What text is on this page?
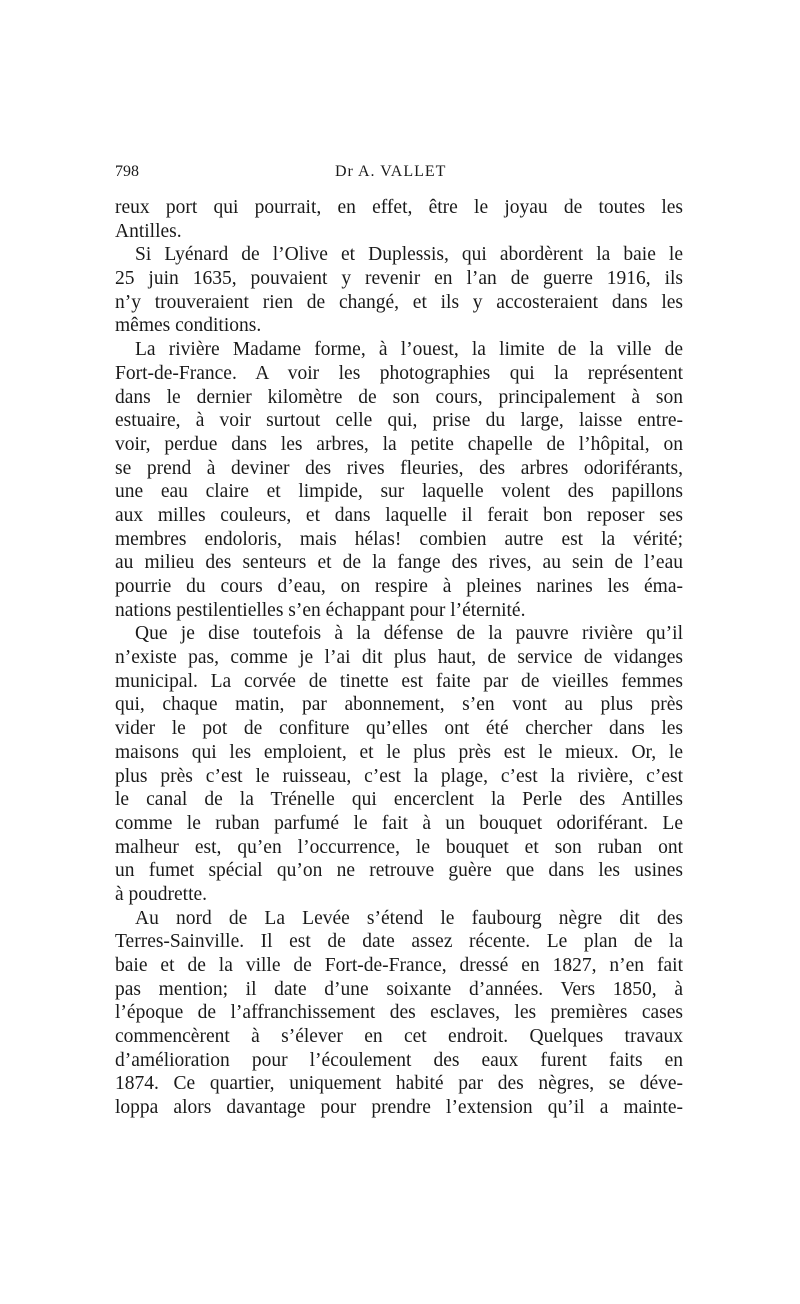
798	Dr A. VALLET
reux port qui pourrait, en effet, être le joyau de toutes les
Antilles.
Si Lyénard de l’Olive et Duplessis, qui abordèrent la baie le
25 juin 1635, pouvaient y revenir en l’an de guerre 1916, ils
n’y trouveraient rien de changé, et ils y accosteraient dans les
mêmes conditions.
La rivière Madame forme, à l’ouest, la limite de la ville de
Fort-de-France. A voir les photographies qui la représentent
dans le dernier kilomètre de son cours, principalement à son
estuaire, à voir surtout celle qui, prise du large, laisse entre-
voir, perdue dans les arbres, la petite chapelle de l’hôpital, on
se prend à deviner des rives fleuries, des arbres odoriférants,
une eau claire et limpide, sur laquelle volent des papillons
aux milles couleurs, et dans laquelle il ferait bon reposer ses
membres endoloris, mais hélas! combien autre est la vérité;
au milieu des senteurs et de la fange des rives, au sein de l’eau
pourrie du cours d’eau, on respire à pleines narines les éma-
nations pestilentielles s’en échappant pour l’éternité.
Que je dise toutefois à la défense de la pauvre rivière qu’il
n’existe pas, comme je l’ai dit plus haut, de service de vidanges
municipal. La corvée de tinette est faite par de vieilles femmes
qui, chaque matin, par abonnement, s’en vont au plus près
vider le pot de confiture qu’elles ont été chercher dans les
maisons qui les emploient, et le plus près est le mieux. Or, le
plus près c’est le ruisseau, c’est la plage, c’est la rivière, c’est
le canal de la Trénelle qui encerclent la Perle des Antilles
comme le ruban parfumé le fait à un bouquet odoriférant. Le
malheur est, qu’en l’occurrence, le bouquet et son ruban ont
un fumet spécial qu’on ne retrouve guère que dans les usines
à poudrette.
Au nord de La Levée s’étend le faubourg nègre dit des
Terres-Sainville. Il est de date assez récente. Le plan de la
baie et de la ville de Fort-de-France, dressé en 1827, n’en fait
pas mention; il date d’une soixante d’années. Vers 1850, à
l’époque de l’affranchissement des esclaves, les premières cases
commencèrent à s’élever en cet endroit. Quelques travaux
d’amélioration pour l’écoulement des eaux furent faits en
1874. Ce quartier, uniquement habité par des nègres, se déve-
loppa alors davantage pour prendre l’extension qu’il a mainte-
